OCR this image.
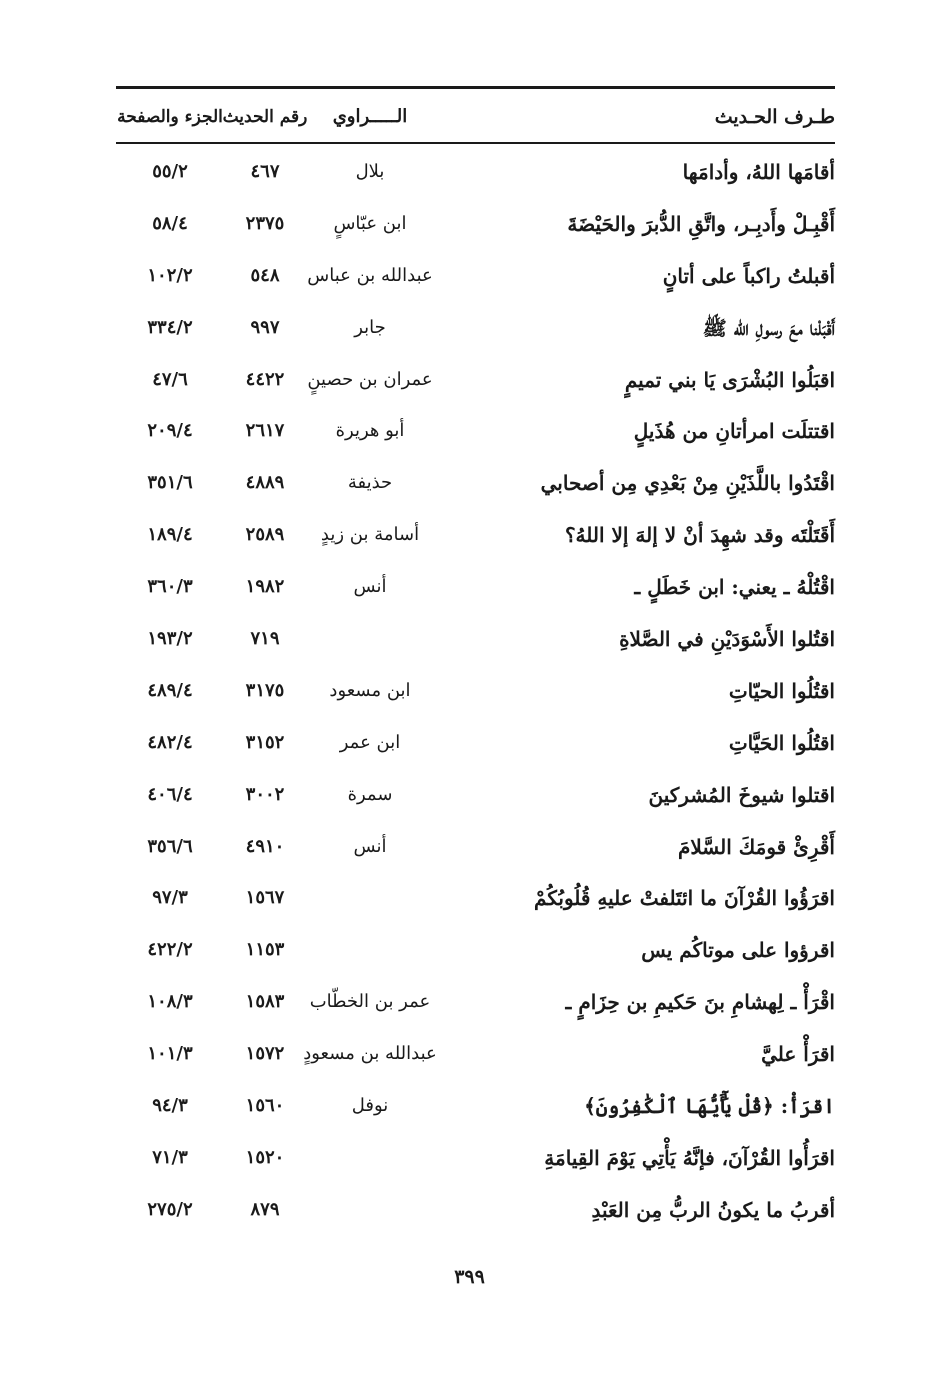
طـرف الحـديث
الـــــراوي
رقم الحديث
الجزء والصفحة
أقامَها اللهُ، وأدامَها
بلال
٤٦٧
٥٥/٢
أَقْبِـلْ وأَدبِـر، واتَّقِ الدُّبرَ والحَيْضَةَ
ابن عبّاسٍ
٢٣٧٥
٥٨/٤
أقبلتُ راكباً على أتانٍ
عبدالله بن عباس
٥٤٨
١٠٢/٢
أَقْبَلْنا معَ رسولِ الله ﷺ
جابر
٩٩٧
٣٣٤/٢
اقبَلُوا البُشْرَى يَا بني تميمٍ
عمران بن حصينٍ
٤٤٢٢
٤٧/٦
اقتتلَت امرأتانِ من هُذَيلٍ
أبو هريرة
٢٦١٧
٢٠٩/٤
اقْتَدُوا باللَّذَيْنِ مِنْ بَعْدِي مِن أصحابي
حذيفة
٤٨٨٩
٣٥١/٦
أَقَتَلْتَه وقد شهِدَ أنْ لا إلهَ إلا اللهُ؟
أسامة بن زيدٍ
٢٥٨٩
١٨٩/٤
اقْتُلْهُ ـ يعني: ابن خَطَلٍ ـ
أنس
١٩٨٢
٣٦٠/٣
اقتُلوا الأَسْوَدَيْنِ في الصَّلاةِ
٧١٩
١٩٣/٢
اقتُلُوا الحيّاتِ
ابن مسعود
٣١٧٥
٤٨٩/٤
اقتُلُوا الحَيَّاتِ
ابن عمر
٣١٥٢
٤٨٢/٤
اقتلوا شيوخَ المُشركينَ
سمرة
٣٠٠٢
٤٠٦/٤
أَقْرِئْ قومَكَ السَّلامَ
أنس
٤٩١٠
٣٥٦/٦
اقرَؤُوا القُرْآنَ ما ائتَلفتْ عليهِ قُلُوبُكُمْ
١٥٦٧
٩٧/٣
اقرؤوا على موتاكُم يس
١١٥٣
٤٢٢/٢
اقْرَأْ ـ لِهشامِ بنَ حَكيمِ بن حِزَامٍ ـ
عمر بن الخطّاب
١٥٨٣
١٠٨/٣
اقرَأْ عليَّ
عبدالله بن مسعودٍ
١٥٧٢
١٠١/٣
اقرَأْ: ﴿قُلْ يَٰٓأَيُّهَا ٱلْكَٰفِرُونَ﴾
نوفل
١٥٦٠
٩٤/٣
اقرَأُوا القُرْآنَ، فإنَّهُ يَأْتِي يَوْمَ القِيامَةِ
١٥٢٠
٧١/٣
أقربُ ما يكونُ الربُّ مِن العَبْدِ
٨٧٩
٢٧٥/٢
٣٩٩
